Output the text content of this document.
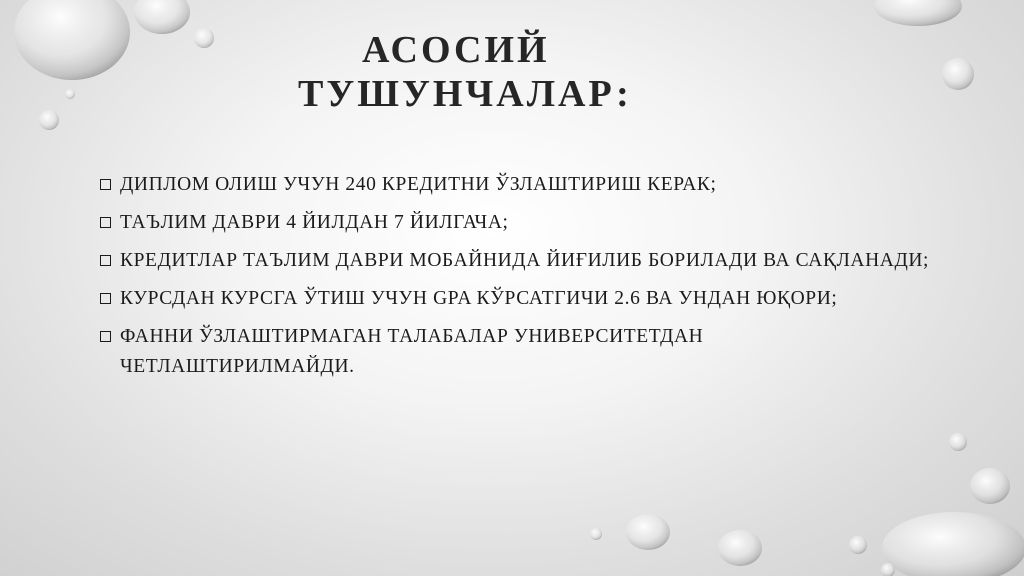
АСОСИЙ
ТУШУНЧАЛАР:
ДИПЛОМ ОЛИШ УЧУН 240 КРЕДИТНИ ЎЗЛАШТИРИШ КЕРАК;
ТАЪЛИМ ДАВРИ 4 ЙИЛДАН 7 ЙИЛГАЧА;
КРЕДИТЛАР ТАЪЛИМ ДАВРИ МОБАЙНИДА ЙИҒИЛИБ БОРИЛАДИ ВА САҚЛАНАДИ;
КУРСДАН КУРСГА ЎТИШ УЧУН GPA КЎРСАТГИЧИ 2.6 ВА УНДАН ЮҚОРИ;
ФАННИ ЎЗЛАШТИРМАГАН ТАЛАБАЛАР УНИВЕРСИТЕТДАН ЧЕТЛАШТИРИЛМАЙДИ.
